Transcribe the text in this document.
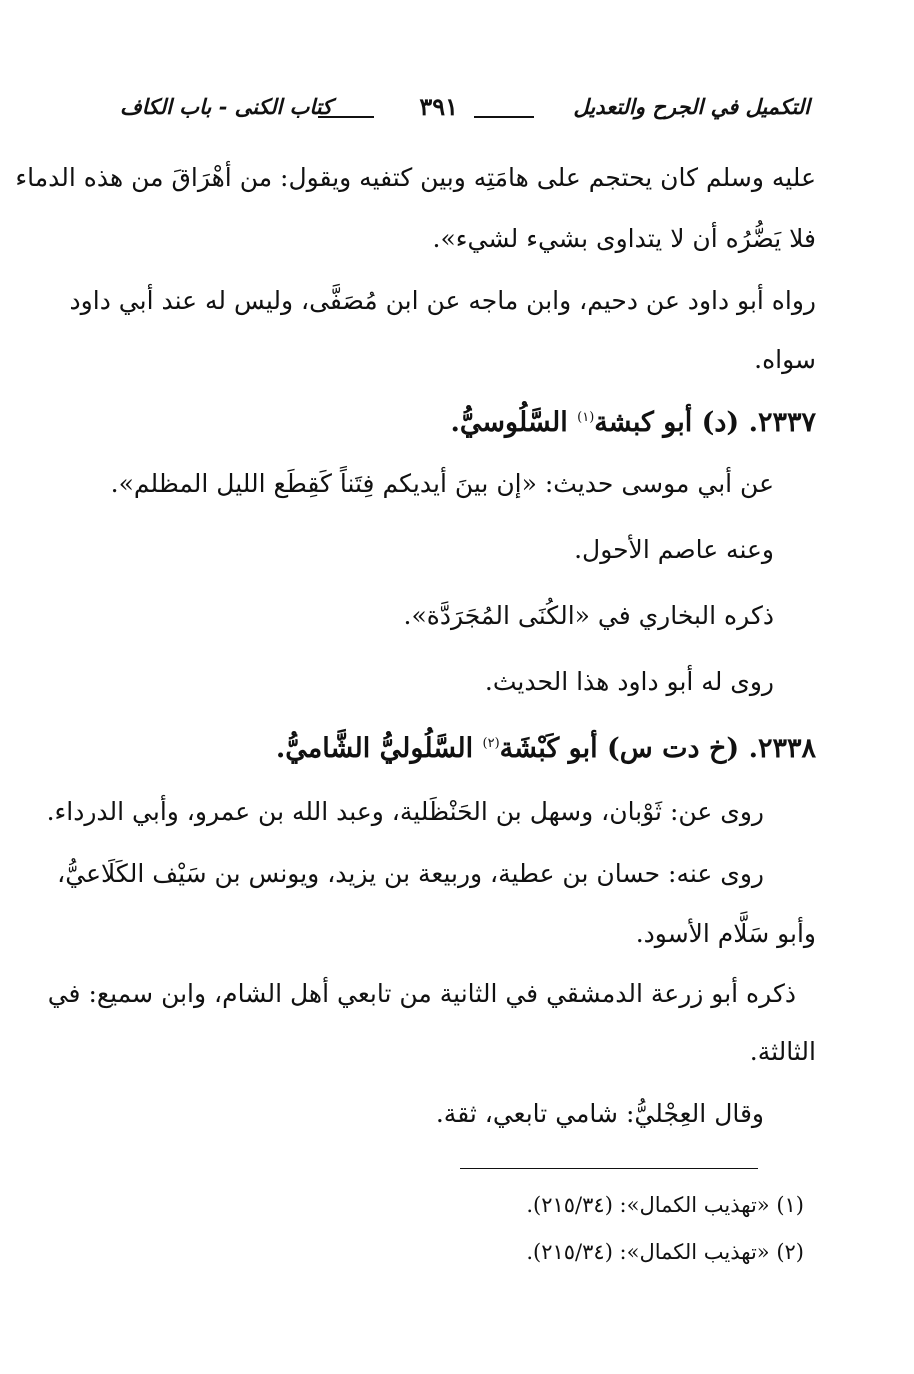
التكميل في الجرح والتعديل
٣٩١
كتاب الكنى - باب الكاف
عليه وسلم كان يحتجم على هامَتِه وبين كتفيه ويقول: من أهْرَاقَ من هذه الدماء
فلا يَضُّرُه أن لا يتداوى بشيء لشيء».
رواه أبو داود عن دحيم، وابن ماجه عن ابن مُصَفَّى، وليس له عند أبي داود
سواه.
٢٣٣٧. (د) أبو كبشة$^{(١)}$ السَّلُوسيُّ.
عن أبي موسى حديث: «إن بينَ أيديكم فِتَناً كَقِطَع الليل المظلم».
وعنه عاصم الأحول.
ذكره البخاري في «الكُنَى المُجَرَدَّة».
روى له أبو داود هذا الحديث.
٢٣٣٨. (خ دت س) أبو كَبْشَة$^{(٢)}$ السَّلُوليُّ الشَّاميُّ.
روى عن: ثَوْبان، وسهل بن الحَنْظَلية، وعبد الله بن عمرو، وأبي الدرداء.
روى عنه: حسان بن عطية، وربيعة بن يزيد، ويونس بن سَيْف الكَلَاعيُّ،
وأبو سَلَّام الأسود.
ذكره أبو زرعة الدمشقي في الثانية من تابعي أهل الشام، وابن سميع: في
الثالثة.
وقال العِجْليُّ: شامي تابعي، ثقة.
(١) «تهذيب الكمال»: (٢١٥/٣٤).
(٢) «تهذيب الكمال»: (٢١٥/٣٤).
